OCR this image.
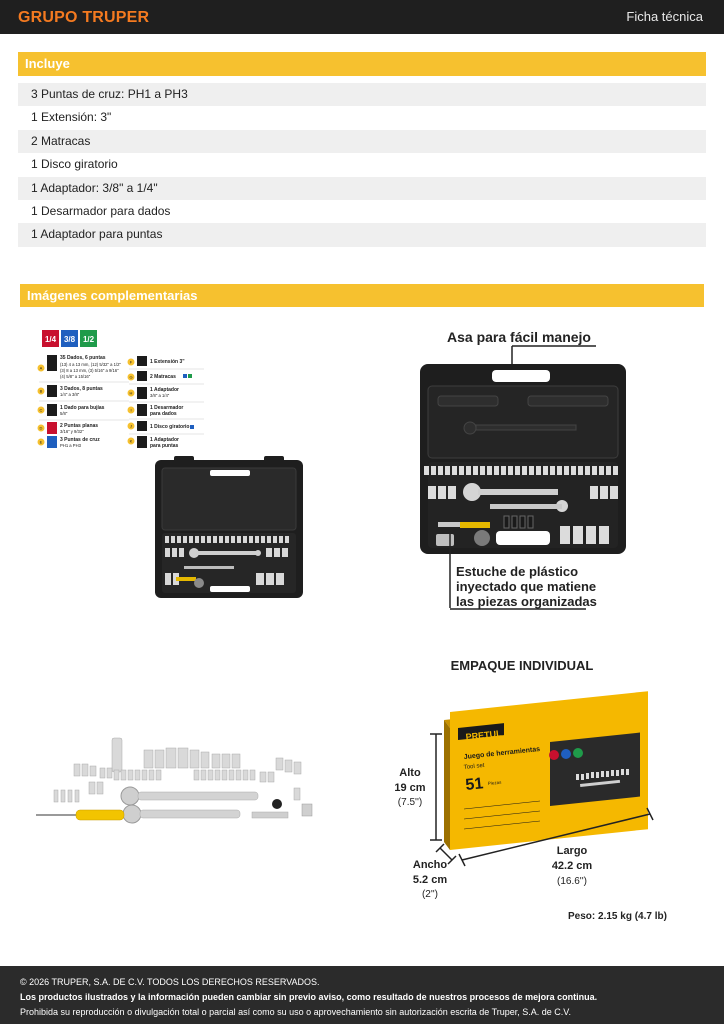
GRUPO TRUPER	Ficha técnica
Incluye
3 Puntas de cruz: PH1 a PH3
1 Extensión: 3"
2 Matracas
1 Disco giratorio
1 Adaptador: 3/8" a 1/4"
1 Desarmador para dados
1 Adaptador para puntas
Imágenes complementarias
1/4 3/8 1/2
A
35 Dados, 6 puntas
(13) 4 a 13 mm, (12) 5/32" a 1/2"
(3) 8 a 13 mm, (3) 5/16" a 9/16"
(4) 5/8" a 15/16"
B	3 Dados, 8 puntas
1/4" a 3/8"
C	1 Dado para bujías
5/8"
D	2 Puntas planas
3/16" y 9/32"
E	3 Puntas de cruz
PH1 a PH3
F	1 Extensión 3"
G	2 Matracas
H
1 Adaptador
3/8" a 1/4"
I	1 Desarmador
para dados
J	1 Disco giratorio
K	1 Adaptador
para puntas
Asa para fácil manejo
Estuche de plástico
inyectado que matiene
las piezas organizadas
EMPAQUE INDIVIDUAL
PRETUL
Juego de herramientas
Tool set
51 Piezas
Alto
19 cm
(7.5'')
Ancho
5.2 cm
(2'')
Largo
42.2 cm
(16.6'')
Peso: 2.15 kg (4.7 lb)
© 2026 TRUPER, S.A. DE C.V. TODOS LOS DERECHOS RESERVADOS.
Los productos ilustrados y la información pueden cambiar sin previo aviso, como resultado de nuestros procesos de mejora continua.
Prohibida su reproducción o divulgación total o parcial así como su uso o aprovechamiento sin autorización escrita de Truper, S.A. de C.V.
